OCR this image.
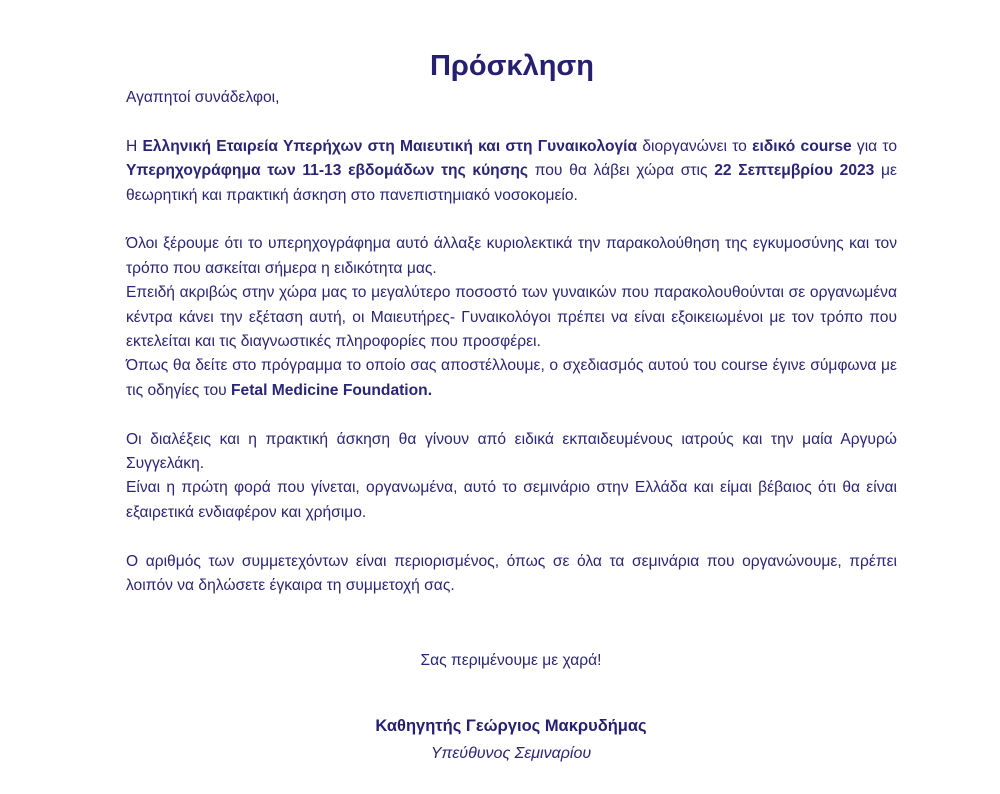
Πρόσκληση

Αγαπητοί συνάδελφοι,

Η Ελληνική Εταιρεία Υπερήχων στη Μαιευτική και στη Γυναικολογία διοργανώνει το ειδικό course για το Υπερηχογράφημα των 11-13 εβδομάδων της κύησης που θα λάβει χώρα στις 22 Σεπτεμβρίου 2023 με θεωρητική και πρακτική άσκηση στο πανεπιστημιακό νοσοκομείο.

Όλοι ξέρουμε ότι το υπερηχογράφημα αυτό άλλαξε κυριολεκτικά την παρακολούθηση της εγκυμοσύνης και τον τρόπο που ασκείται σήμερα η ειδικότητα μας.

Επειδή ακριβώς στην χώρα μας το μεγαλύτερο ποσοστό των γυναικών που παρακολουθούνται σε οργανωμένα κέντρα κάνει την εξέταση αυτή, οι Μαιευτήρες- Γυναικολόγοι πρέπει να είναι εξοικειωμένοι με τον τρόπο που εκτελείται και τις διαγνωστικές πληροφορίες που προσφέρει.

Όπως θα δείτε στο πρόγραμμα το οποίο σας αποστέλλουμε, ο σχεδιασμός αυτού του course έγινε σύμφωνα με τις οδηγίες του Fetal Medicine Foundation.

Οι διαλέξεις και η πρακτική άσκηση θα γίνουν από ειδικά εκπαιδευμένους ιατρούς και την μαία Αργυρώ Συγγελάκη.

Είναι η πρώτη φορά που γίνεται, οργανωμένα, αυτό το σεμινάριο στην Ελλάδα και είμαι βέβαιος ότι θα είναι εξαιρετικά ενδιαφέρον και χρήσιμο.

Ο αριθμός των συμμετεχόντων είναι περιορισμένος, όπως σε όλα τα σεμινάρια που οργανώνουμε, πρέπει λοιπόν να δηλώσετε έγκαιρα τη συμμετοχή σας.

Σας περιμένουμε με χαρά!
Καθηγητής Γεώργιος Μακρυδήμας
Υπεύθυνος Σεμιναρίου
